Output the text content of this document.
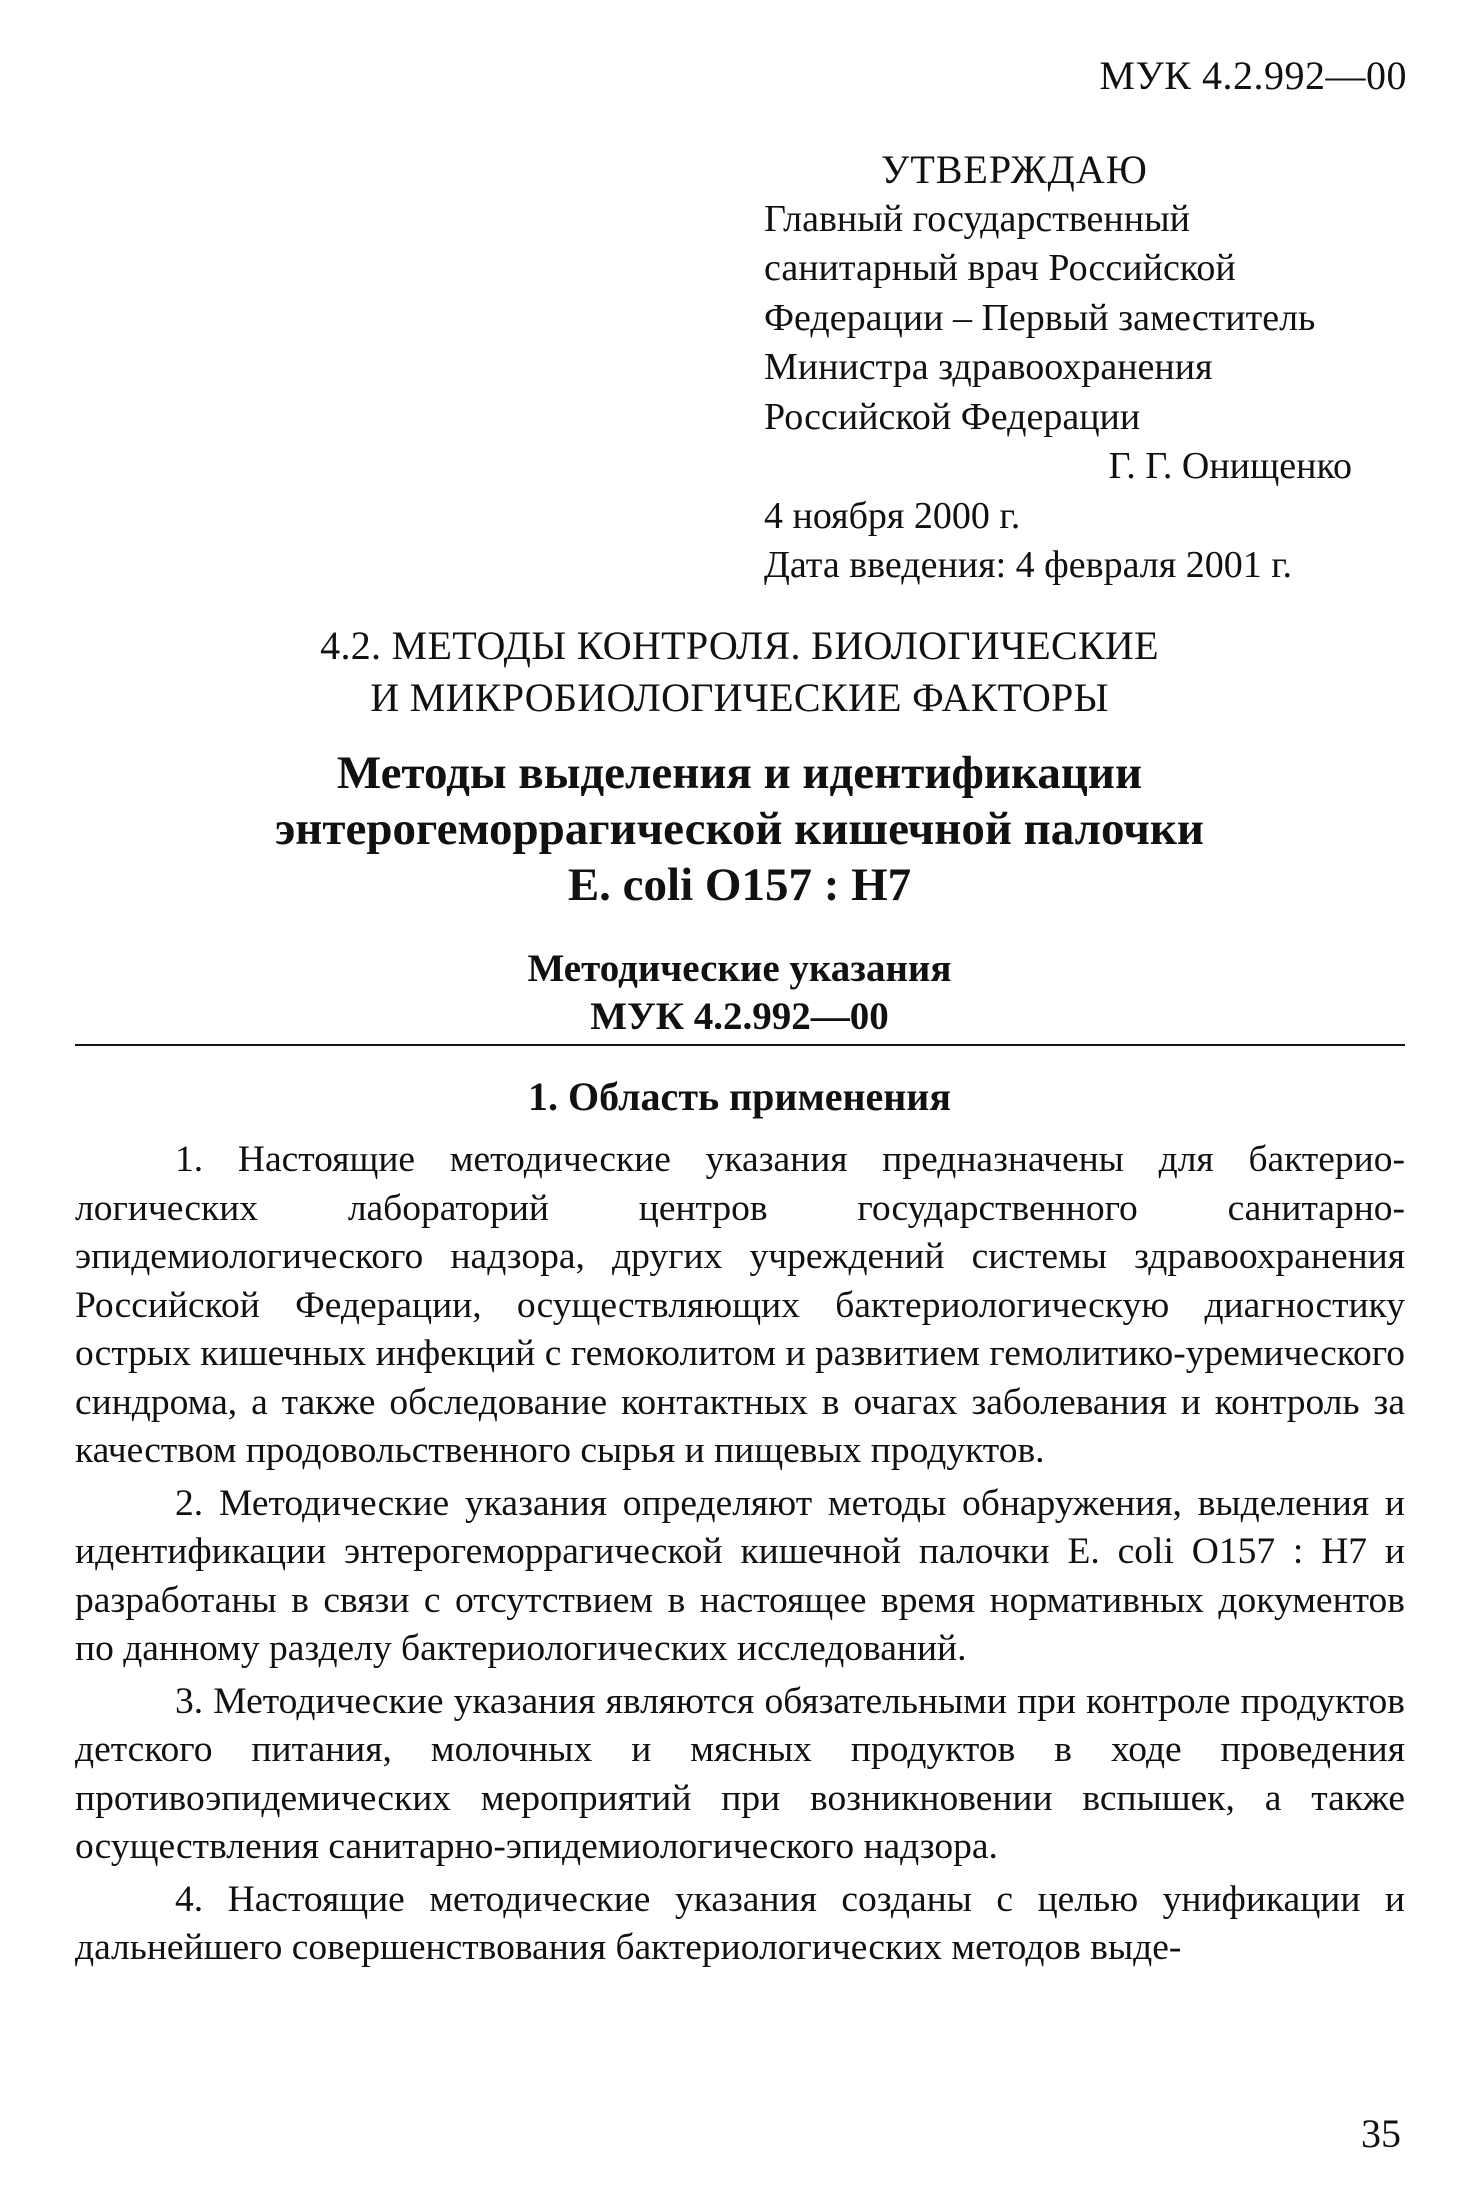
МУК 4.2.992—00
УТВЕРЖДАЮ
Главный государственный
санитарный врач Российской
Федерации – Первый заместитель
Министра здравоохранения
Российской Федерации
Г. Г. Онищенко
4 ноября 2000 г.
Дата введения: 4 февраля 2001 г.
4.2. МЕТОДЫ КОНТРОЛЯ. БИОЛОГИЧЕСКИЕ
И МИКРОБИОЛОГИЧЕСКИЕ ФАКТОРЫ
Методы выделения и идентификации
энтерогеморрагической кишечной палочки
E. coli O157 : H7
Методические указания
МУК 4.2.992—00
1. Область применения

1. Настоящие методические указания предназначены для бактериологических лабораторий центров государственного санитарно-эпидемиологического надзора, других учреждений системы здравоохранения Российской Федерации, осуществляющих бактериологическую диагностику острых кишечных инфекций с гемоколитом и развитием гемолитико-уремического синдрома, а также обследование контактных в очагах заболевания и контроль за качеством продовольственного сырья и пищевых продуктов.

2. Методические указания определяют методы обнаружения, выделения и идентификации энтерогеморрагической кишечной палочки E. coli O157 : H7 и разработаны в связи с отсутствием в настоящее время нормативных документов по данному разделу бактериологических исследований.

3. Методические указания являются обязательными при контроле продуктов детского питания, молочных и мясных продуктов в ходе проведения противоэпидемических мероприятий при возникновении вспышек, а также осуществления санитарно-эпидемиологического надзора.

4. Настоящие методические указания созданы с целью унификации и дальнейшего совершенствования бактериологических методов выде-

35
